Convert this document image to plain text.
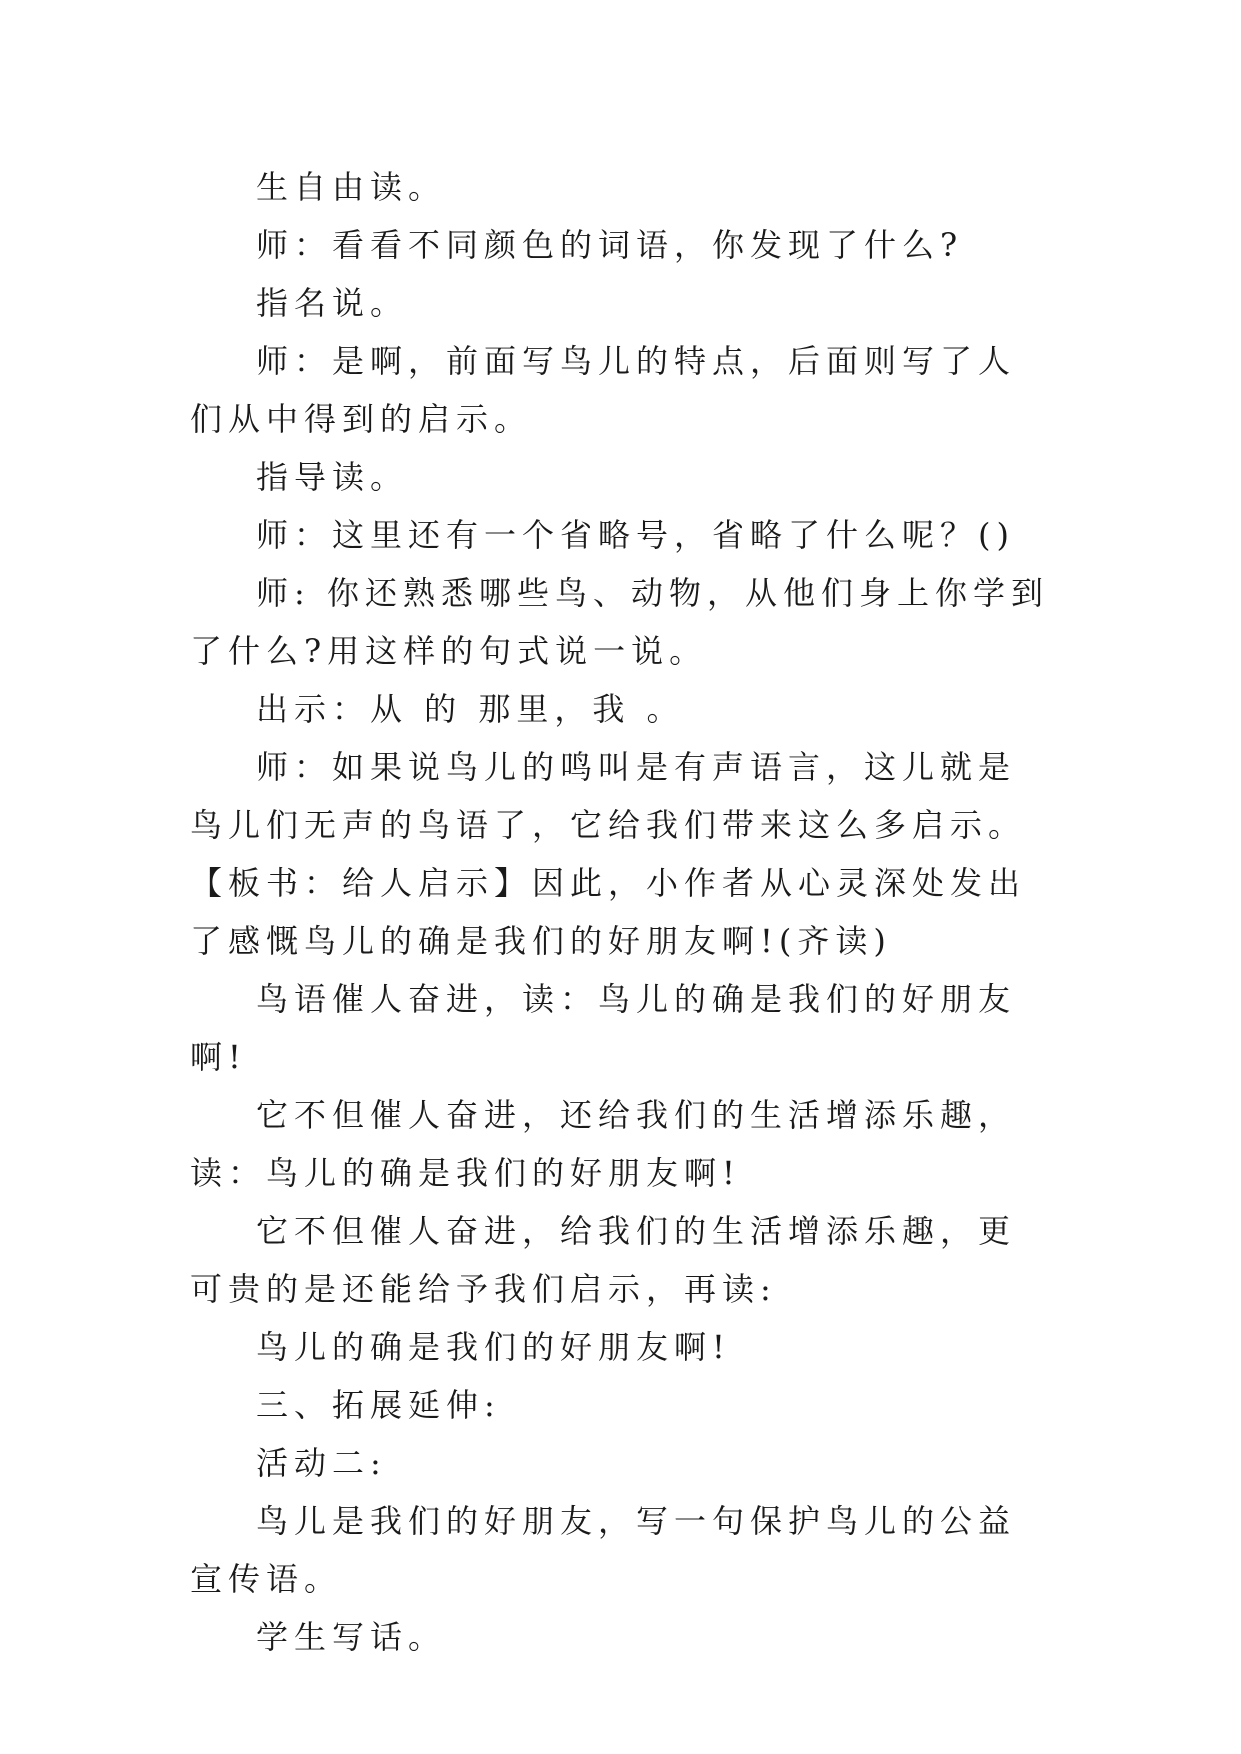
生自由读。

师：看看不同颜色的词语，你发现了什么?

指名说。

师：是啊，前面写鸟儿的特点，后面则写了人们从中得到的启示。

指导读。

师：这里还有一个省略号，省略了什么呢？()

师: 你还熟悉哪些鸟、动物，从他们身上你学到了什么?用这样的句式说一说。

出示：从 的 那里，我 。

师：如果说鸟儿的鸣叫是有声语言，这儿就是鸟儿们无声的鸟语了，它给我们带来这么多启示。【板书：给人启示】因此，小作者从心灵深处发出了感慨鸟儿的确是我们的好朋友啊!(齐读)

鸟语催人奋进，读：鸟儿的确是我们的好朋友啊!

它不但催人奋进，还给我们的生活增添乐趣，读：鸟儿的确是我们的好朋友啊!

它不但催人奋进，给我们的生活增添乐趣，更可贵的是还能给予我们启示，再读:

鸟儿的确是我们的好朋友啊!

三、拓展延伸:

活动二:

鸟儿是我们的好朋友，写一句保护鸟儿的公益宣传语。

学生写话。
